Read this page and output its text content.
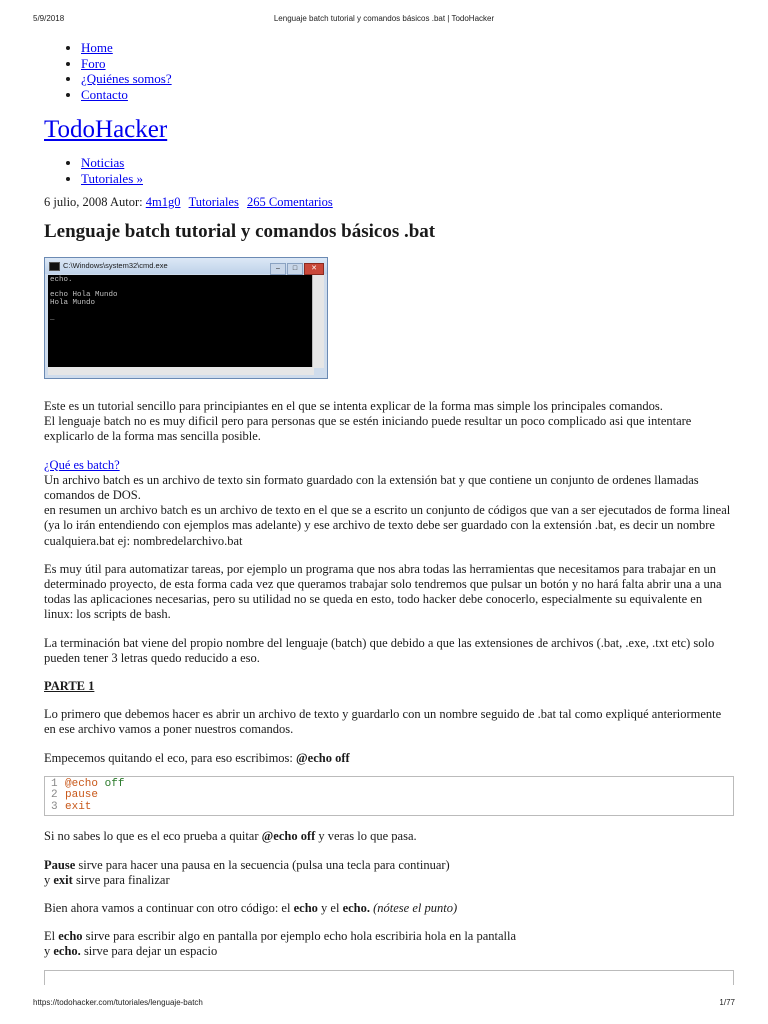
5/9/2018	Lenguaje batch tutorial y comandos básicos .bat | TodoHacker
• Home
• Foro
• ¿Quiénes somos?
• Contacto
TodoHacker
• Noticias
• Tutoriales »
6 julio, 2008 Autor: 4m1g0 Tutoriales 265 Comentarios
Lenguaje batch tutorial y comandos básicos .bat
C:\Windows\system32\cmd.exe	– □ ✕
echo.

echo Hola Mundo
Hola Mundo

_

Este es un tutorial sencillo para principiantes en el que se intenta explicar de la forma mas simple los principales comandos.

El lenguaje batch no es muy dificil pero para personas que se estén iniciando puede resultar un poco complicado asi que intentare explicarlo de la forma mas sencilla posible.

¿Qué es batch?

Un archivo batch es un archivo de texto sin formato guardado con la extensión bat y que contiene un conjunto de ordenes llamadas comandos de DOS.

en resumen un archivo batch es un archivo de texto en el que se a escrito un conjunto de códigos que van a ser ejecutados de forma lineal (ya lo irán entendiendo con ejemplos mas adelante) y ese archivo de texto debe ser guardado con la extensión .bat, es decir un nombre cualquiera.bat ej: nombredelarchivo.bat

Es muy útil para automatizar tareas, por ejemplo un programa que nos abra todas las herramientas que necesitamos para trabajar en un determinado proyecto, de esta forma cada vez que queramos trabajar solo tendremos que pulsar un botón y no hará falta abrir una a una todas las aplicaciones necesarias, pero su utilidad no se queda en esto, todo hacker debe conocerlo, especialmente su equivalente en linux: los scripts de bash.

La terminación bat viene del propio nombre del lenguaje (batch) que debido a que las extensiones de archivos (.bat, .exe, .txt etc) solo pueden tener 3 letras quedo reducido a eso.

PARTE 1

Lo primero que debemos hacer es abrir un archivo de texto y guardarlo con un nombre seguido de .bat tal como expliqué anteriormente en ese archivo vamos a poner nuestros comandos.

Empecemos quitando el eco, para eso escribimos: @echo off

1 @echo off
2 pause
3 exit

Si no sabes lo que es el eco prueba a quitar @echo off y veras lo que pasa.

Pause sirve para hacer una pausa en la secuencia (pulsa una tecla para continuar)

y exit sirve para finalizar

Bien ahora vamos a continuar con otro código: el echo y el echo. (nótese el punto)

El echo sirve para escribir algo en pantalla por ejemplo echo hola escribiria hola en la pantalla

y echo. sirve para dejar un espacio

https://todohacker.com/tutoriales/lenguaje-batch	1/77
